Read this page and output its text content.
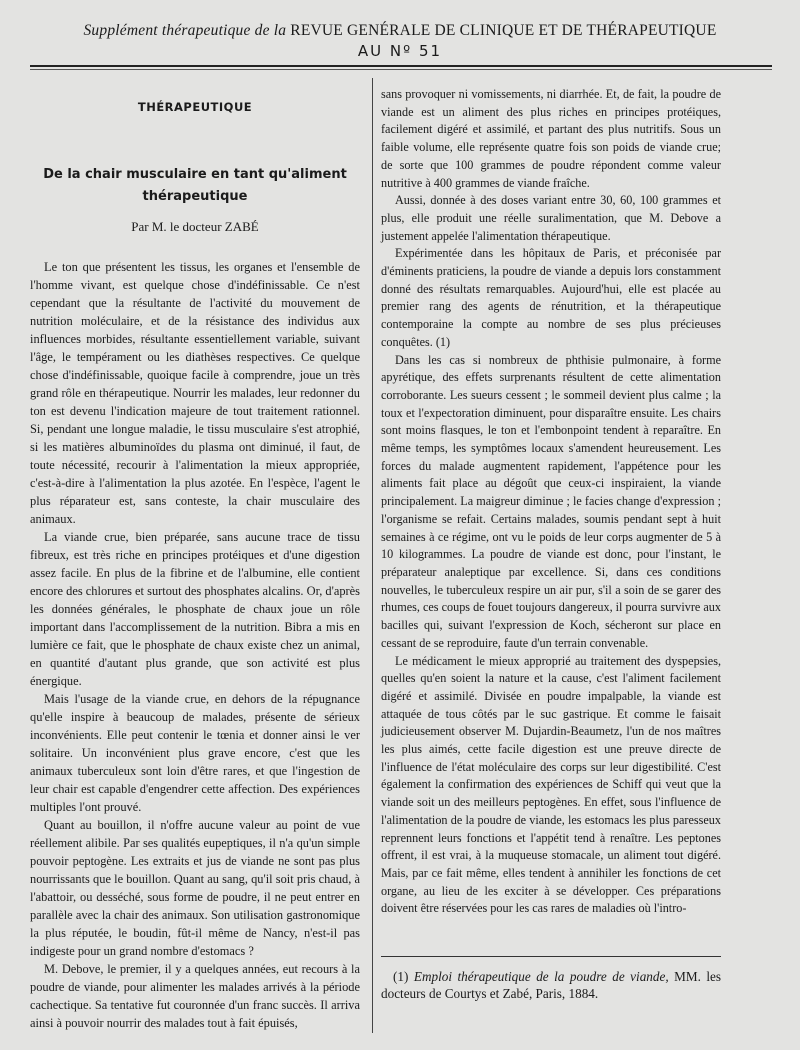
Supplément thérapeutique de la REVUE GENÉRALE DE CLINIQUE ET DE THÉRAPEUTIQUE
AU Nº 51
THÉRAPEUTIQUE
De la chair musculaire en tant qu'aliment thérapeutique
Par M. le docteur ZABÉ

Le ton que présentent les tissus, les organes et l'ensemble de l'homme vivant, est quelque chose d'indéfinissable. Ce n'est cependant que la résultante de l'activité du mouvement de nutrition moléculaire, et de la résistance des individus aux influences morbides, résultante essentiellement variable, suivant l'âge, le tempérament ou les diathèses respectives. Ce quelque chose d'indéfinissable, quoique facile à comprendre, joue un très grand rôle en thérapeutique. Nourrir les malades, leur redonner du ton est devenu l'indication majeure de tout traitement rationnel. Si, pendant une longue maladie, le tissu musculaire s'est atrophié, si les matières albuminoïdes du plasma ont diminué, il faut, de toute nécessité, recourir à l'alimentation la mieux appropriée, c'est-à-dire à l'alimentation la plus azotée. En l'espèce, l'agent le plus réparateur est, sans conteste, la chair musculaire des animaux.

La viande crue, bien préparée, sans aucune trace de tissu fibreux, est très riche en principes protéiques et d'une digestion assez facile. En plus de la fibrine et de l'albumine, elle contient encore des chlorures et surtout des phosphates alcalins. Or, d'après les données générales, le phosphate de chaux joue un rôle important dans l'accomplissement de la nutrition. Bibra a mis en lumière ce fait, que le phosphate de chaux existe chez un animal, en quantité d'autant plus grande, que son activité est plus énergique.

Mais l'usage de la viande crue, en dehors de la répugnance qu'elle inspire à beaucoup de malades, présente de sérieux inconvénients. Elle peut contenir le tœnia et donner ainsi le ver solitaire. Un inconvénient plus grave encore, c'est que les animaux tuberculeux sont loin d'être rares, et que l'ingestion de leur chair est capable d'engendrer cette affection. Des expériences multiples l'ont prouvé.

Quant au bouillon, il n'offre aucune valeur au point de vue réellement alibile. Par ses qualités eupeptiques, il n'a qu'un simple pouvoir peptogène. Les extraits et jus de viande ne sont pas plus nourrissants que le bouillon. Quant au sang, qu'il soit pris chaud, à l'abattoir, ou desséché, sous forme de poudre, il ne peut entrer en parallèle avec la chair des animaux. Son utilisation gastronomique la plus réputée, le boudin, fût-il même de Nancy, n'est-il pas indigeste pour un grand nombre d'estomacs ?

M. Debove, le premier, il y a quelques années, eut recours à la poudre de viande, pour alimenter les malades arrivés à la période cachectique. Sa tentative fut couronnée d'un franc succès. Il arriva ainsi à pouvoir nourrir des malades tout à fait épuisés,

sans provoquer ni vomissements, ni diarrhée. Et, de fait, la poudre de viande est un aliment des plus riches en principes protéiques, facilement digéré et assimilé, et partant des plus nutritifs. Sous un faible volume, elle représente quatre fois son poids de viande crue; de sorte que 100 grammes de poudre répondent comme valeur nutritive à 400 grammes de viande fraîche.

Aussi, donnée à des doses variant entre 30, 60, 100 grammes et plus, elle produit une réelle suralimentation, que M. Debove a justement appelée l'alimentation thérapeutique.

Expérimentée dans les hôpitaux de Paris, et préconisée par d'éminents praticiens, la poudre de viande a depuis lors constamment donné des résultats remarquables. Aujourd'hui, elle est placée au premier rang des agents de rénutrition, et la thérapeutique contemporaine la compte au nombre de ses plus précieuses conquêtes. (1)

Dans les cas si nombreux de phthisie pulmonaire, à forme apyrétique, des effets surprenants résultent de cette alimentation corroborante. Les sueurs cessent ; le sommeil devient plus calme ; la toux et l'expectoration diminuent, pour disparaître ensuite. Les chairs sont moins flasques, le ton et l'embonpoint tendent à reparaître. En même temps, les symptômes locaux s'amendent heureusement. Les forces du malade augmentent rapidement, l'appétence pour les aliments fait place au dégoût que ceux-ci inspiraient, la viande principalement. La maigreur diminue ; le facies change d'expression ; l'organisme se refait. Certains malades, soumis pendant sept à huit semaines à ce régime, ont vu le poids de leur corps augmenter de 5 à 10 kilogrammes. La poudre de viande est donc, pour l'instant, le préparateur analeptique par excellence. Si, dans ces conditions nouvelles, le tuberculeux respire un air pur, s'il a soin de se garer des rhumes, ces coups de fouet toujours dangereux, il pourra survivre aux bacilles qui, suivant l'expression de Koch, sécheront sur place en cessant de se reproduire, faute d'un terrain convenable.

Le médicament le mieux approprié au traitement des dyspepsies, quelles qu'en soient la nature et la cause, c'est l'aliment facilement digéré et assimilé. Divisée en poudre impalpable, la viande est attaquée de tous côtés par le suc gastrique. Et comme le faisait judicieusement observer M. Dujardin-Beaumetz, l'un de nos maîtres les plus aimés, cette facile digestion est une preuve directe de l'influence de l'état moléculaire des corps sur leur digestibilité. C'est également la confirmation des expériences de Schiff qui veut que la viande soit un des meilleurs peptogènes. En effet, sous l'influence de l'alimentation de la poudre de viande, les estomacs les plus paresseux reprennent leurs fonctions et l'appétit tend à renaître. Les peptones offrent, il est vrai, à la muqueuse stomacale, un aliment tout digéré. Mais, par ce fait même, elles tendent à annihiler les fonctions de cet organe, au lieu de les exciter à se développer. Ces préparations doivent être réservées pour les cas rares de maladies où l'intro-

(1) Emploi thérapeutique de la poudre de viande, MM. les docteurs de Courtys et Zabé, Paris, 1884.
